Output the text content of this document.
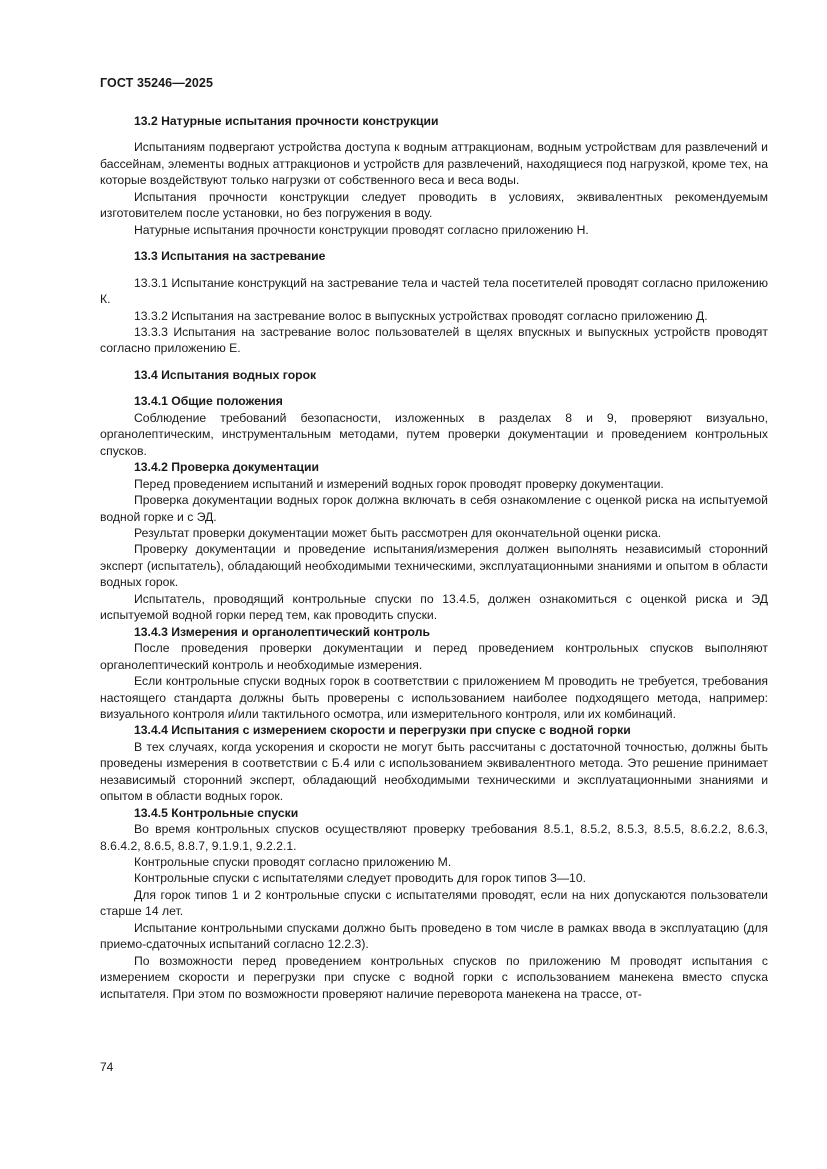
ГОСТ 35246—2025

13.2 Натурные испытания прочности конструкции

Испытаниям подвергают устройства доступа к водным аттракционам, водным устройствам для развлечений и бассейнам, элементы водных аттракционов и устройств для развлечений, находящиеся под нагрузкой, кроме тех, на которые воздействуют только нагрузки от собственного веса и веса воды.

Испытания прочности конструкции следует проводить в условиях, эквивалентных рекомендуемым изготовителем после установки, но без погружения в воду.

Натурные испытания прочности конструкции проводят согласно приложению Н.

13.3 Испытания на застревание

13.3.1 Испытание конструкций на застревание тела и частей тела посетителей проводят согласно приложению К.

13.3.2 Испытания на застревание волос в выпускных устройствах проводят согласно приложению Д.

13.3.3 Испытания на застревание волос пользователей в щелях впускных и выпускных устройств проводят согласно приложению Е.

13.4 Испытания водных горок

13.4.1 Общие положения

Соблюдение требований безопасности, изложенных в разделах 8 и 9, проверяют визуально, органолептическим, инструментальным методами, путем проверки документации и проведением контрольных спусков.

13.4.2 Проверка документации

Перед проведением испытаний и измерений водных горок проводят проверку документации.

Проверка документации водных горок должна включать в себя ознакомление с оценкой риска на испытуемой водной горке и с ЭД.

Результат проверки документации может быть рассмотрен для окончательной оценки риска.

Проверку документации и проведение испытания/измерения должен выполнять независимый сторонний эксперт (испытатель), обладающий необходимыми техническими, эксплуатационными знаниями и опытом в области водных горок.

Испытатель, проводящий контрольные спуски по 13.4.5, должен ознакомиться с оценкой риска и ЭД испытуемой водной горки перед тем, как проводить спуски.

13.4.3 Измерения и органолептический контроль

После проведения проверки документации и перед проведением контрольных спусков выполняют органолептический контроль и необходимые измерения.

Если контрольные спуски водных горок в соответствии с приложением М проводить не требуется, требования настоящего стандарта должны быть проверены с использованием наиболее подходящего метода, например: визуального контроля и/или тактильного осмотра, или измерительного контроля, или их комбинаций.

13.4.4 Испытания с измерением скорости и перегрузки при спуске с водной горки

В тех случаях, когда ускорения и скорости не могут быть рассчитаны с достаточной точностью, должны быть проведены измерения в соответствии с Б.4 или с использованием эквивалентного метода. Это решение принимает независимый сторонний эксперт, обладающий необходимыми техническими и эксплуатационными знаниями и опытом в области водных горок.

13.4.5 Контрольные спуски

Во время контрольных спусков осуществляют проверку требования 8.5.1, 8.5.2, 8.5.3, 8.5.5, 8.6.2.2, 8.6.3, 8.6.4.2, 8.6.5, 8.8.7, 9.1.9.1, 9.2.2.1.

Контрольные спуски проводят согласно приложению М.

Контрольные спуски с испытателями следует проводить для горок типов 3—10.

Для горок типов 1 и 2 контрольные спуски с испытателями проводят, если на них допускаются пользователи старше 14 лет.

Испытание контрольными спусками должно быть проведено в том числе в рамках ввода в эксплуатацию (для приемо-сдаточных испытаний согласно 12.2.3).

По возможности перед проведением контрольных спусков по приложению М проводят испытания с измерением скорости и перегрузки при спуске с водной горки с использованием манекена вместо спуска испытателя. При этом по возможности проверяют наличие переворота манекена на трассе, от-

74
